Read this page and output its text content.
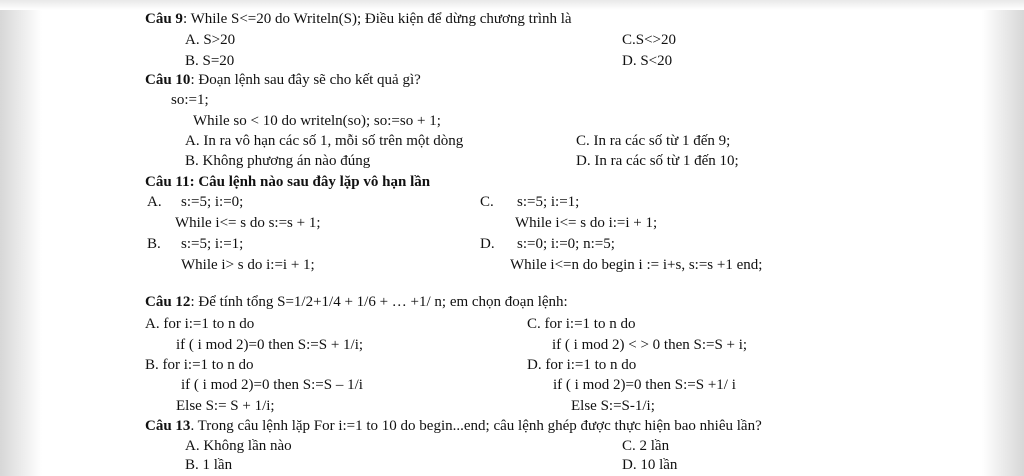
Câu 9: While S<=20 do Writeln(S); Điều kiện để dừng chương trình là
A. S>20	C.S<>20
B. S=20	D. S<20
Câu 10: Đoạn lệnh sau đây sẽ cho kết quả gì?
so:=1;
While so < 10 do writeln(so); so:=so + 1;
A. In ra vô hạn các số 1, mỗi số trên một dòng	C. In ra các số từ 1 đến 9;
B. Không phương án nào đúng	D. In ra các số từ 1 đến 10;
Câu 11: Câu lệnh nào sau đây lặp vô hạn lần
A. s:=5; i:=0;	C. s:=5; i:=1;
While i<= s do s:=s + 1;	While i<= s do i:=i + 1;
B. s:=5; i:=1;	D. s:=0; i:=0; n:=5;
While i> s do i:=i + 1;	While i<=n do begin i := i+s, s:=s +1 end;
Câu 12: Để tính tổng S=1/2+1/4 + 1/6 + … +1/ n; em chọn đoạn lệnh:
A. for i:=1 to n do	C. for i:=1 to n do
if ( i mod 2)=0 then S:=S + 1/i;	if ( i mod 2) < > 0 then S:=S + i;
B. for i:=1 to n do	D. for i:=1 to n do
if ( i mod 2)=0 then S:=S – 1/i	if ( i mod 2)=0 then S:=S +1/ i
Else S:= S + 1/i;	Else S:=S-1/i;
Câu 13. Trong câu lệnh lặp For i:=1 to 10 do begin...end; câu lệnh ghép được thực hiện bao nhiêu lần?
A. Không lần nào	C. 2 lần
B. 1 lần	D. 10 lần
